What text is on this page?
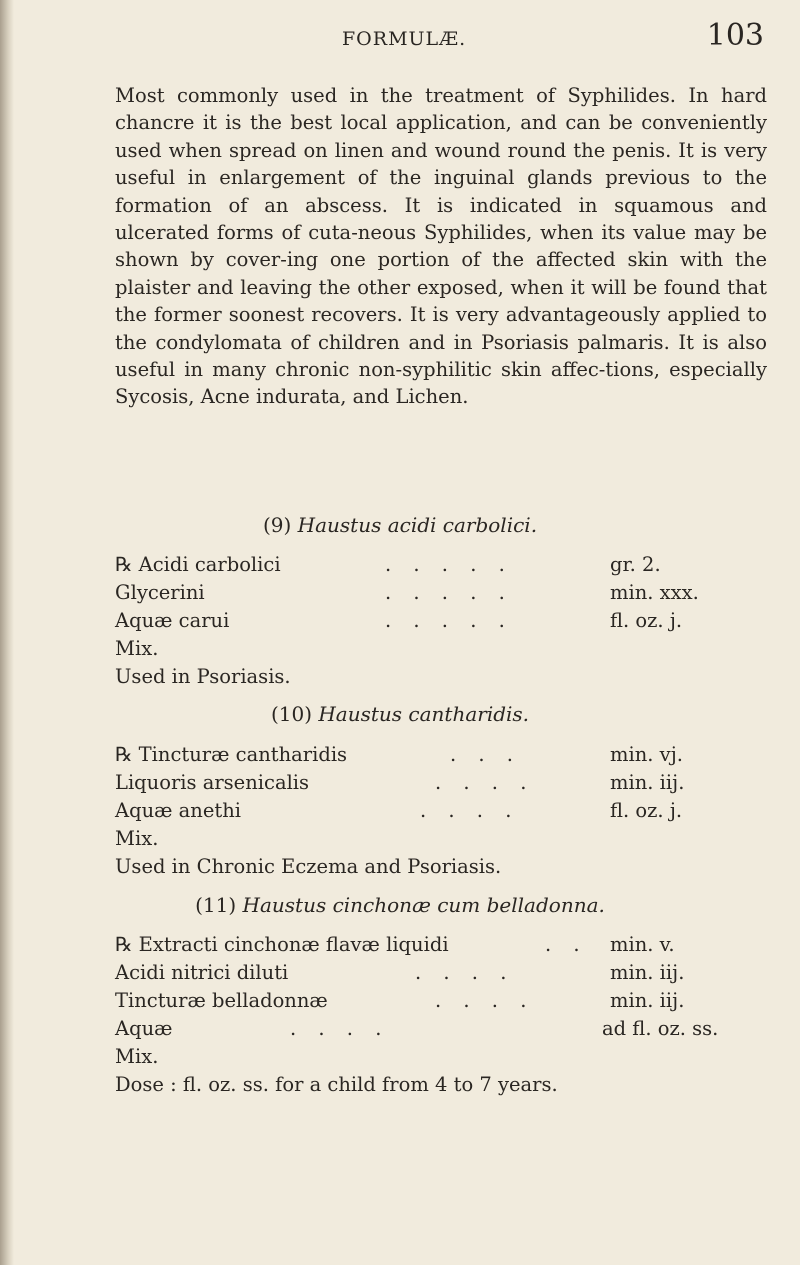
FORMULÆ.	103
Most commonly used in the treatment of Syphilides. In hard chancre it is the best local application, and can be conveniently used when spread on linen and wound round the penis. It is very useful in enlargement of the inguinal glands previous to the formation of an abscess. It is indicated in squamous and ulcerated forms of cuta-neous Syphilides, when its value may be shown by cover-ing one portion of the affected skin with the plaister and leaving the other exposed, when it will be found that the former soonest recovers. It is very advantageously applied to the condylomata of children and in Psoriasis palmaris. It is also useful in many chronic non-syphilitic skin affec-tions, especially Sycosis, Acne indurata, and Lichen.
(9) Haustus acidi carbolici.
℞ Acidi carbolici	. . . . .	gr. 2.
Glycerini	. . . . .	min. xxx.
Aquæ carui	. . . . .	fl. oz. j.
Mix.
Used in Psoriasis.
(10) Haustus cantharidis.
℞ Tincturæ cantharidis	. . .	min. vj.
Liquoris arsenicalis	. . . .	min. iij.
Aquæ anethi	. . . .	fl. oz. j.
Mix.
Used in Chronic Eczema and Psoriasis.
(11) Haustus cinchonæ cum belladonna.
℞ Extracti cinchonæ flavæ liquidi	. . min. v.
Acidi nitrici diluti	. . . .	min. iij.
Tincturæ belladonnæ	. . . .	min. iij.
Aquæ	. . . .	ad fl. oz. ss.
Mix.
Dose : fl. oz. ss. for a child from 4 to 7 years.
